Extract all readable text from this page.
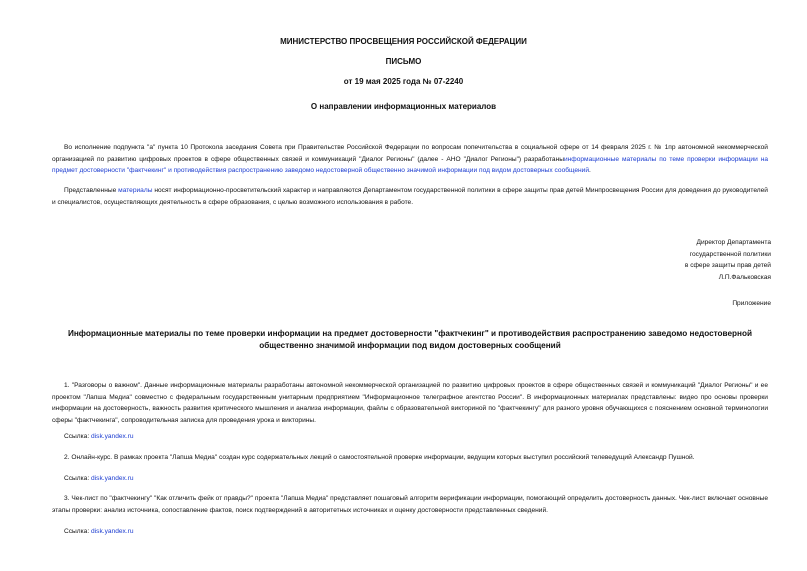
МИНИСТЕРСТВО ПРОСВЕЩЕНИЯ РОССИЙСКОЙ ФЕДЕРАЦИИ
ПИСЬМО
от 19 мая 2025 года № 07-2240
О направлении информационных материалов
Во исполнение подпункта "а" пункта 10 Протокола заседания Совета при Правительстве Российской Федерации по вопросам попечительства в социальной сфере от 14 февраля 2025 г. № 1пр автономной некоммерческой организацией по развитию цифровых проектов в сфере общественных связей и коммуникаций "Диалог Регионы" (далее - АНО "Диалог Регионы") разработаныинформационные материалы по теме проверки информации на предмет достоверности "фактчекинг" и противодействия распространению заведомо недостоверной общественно значимой информации под видом достоверных сообщений.
Представленные материалы носят информационно-просветительский характер и направляются Департаментом государственной политики в сфере защиты прав детей Минпросвещения России для доведения до руководителей и специалистов, осуществляющих деятельность в сфере образования, с целью возможного использования в работе.
Директор Департамента
государственной политики
в сфере защиты прав детей
Л.П.Фальковская
Приложение
Информационные материалы по теме проверки информации на предмет достоверности "фактчекинг" и противодействия распространению заведомо недостоверной общественно значимой информации под видом достоверных сообщений
1. "Разговоры о важном". Данные информационные материалы разработаны автономной некоммерческой организацией по развитию цифровых проектов в сфере общественных связей и коммуникаций "Диалог Регионы" и ее проектом "Лапша Медиа" совместно с федеральным государственным унитарным предприятием "Информационное телеграфное агентство России". В информационных материалах представлены: видео про основы проверки информации на достоверность, важность развития критического мышления и анализа информации, файлы с образовательной викториной по "фактчекингу" для разного уровня обучающихся с пояснением основной терминологии сферы "фактчекинга", сопроводительная записка для проведения урока и викторины.
Ссылка: disk.yandex.ru
2. Онлайн-курс. В рамках проекта "Лапша Медиа" создан курс содержательных лекций о самостоятельной проверке информации, ведущим которых выступил российский телеведущий Александр Пушной.
Ссылка: disk.yandex.ru
3. Чек-лист по "фактчекингу" "Как отличить фейк от правды?" проекта "Лапша Медиа" представляет пошаговый алгоритм верификации информации, помогающий определить достоверность данных. Чек-лист включает основные этапы проверки: анализ источника, сопоставление фактов, поиск подтверждений в авторитетных источниках и оценку достоверности представленных сведений.
Ссылка: disk.yandex.ru
